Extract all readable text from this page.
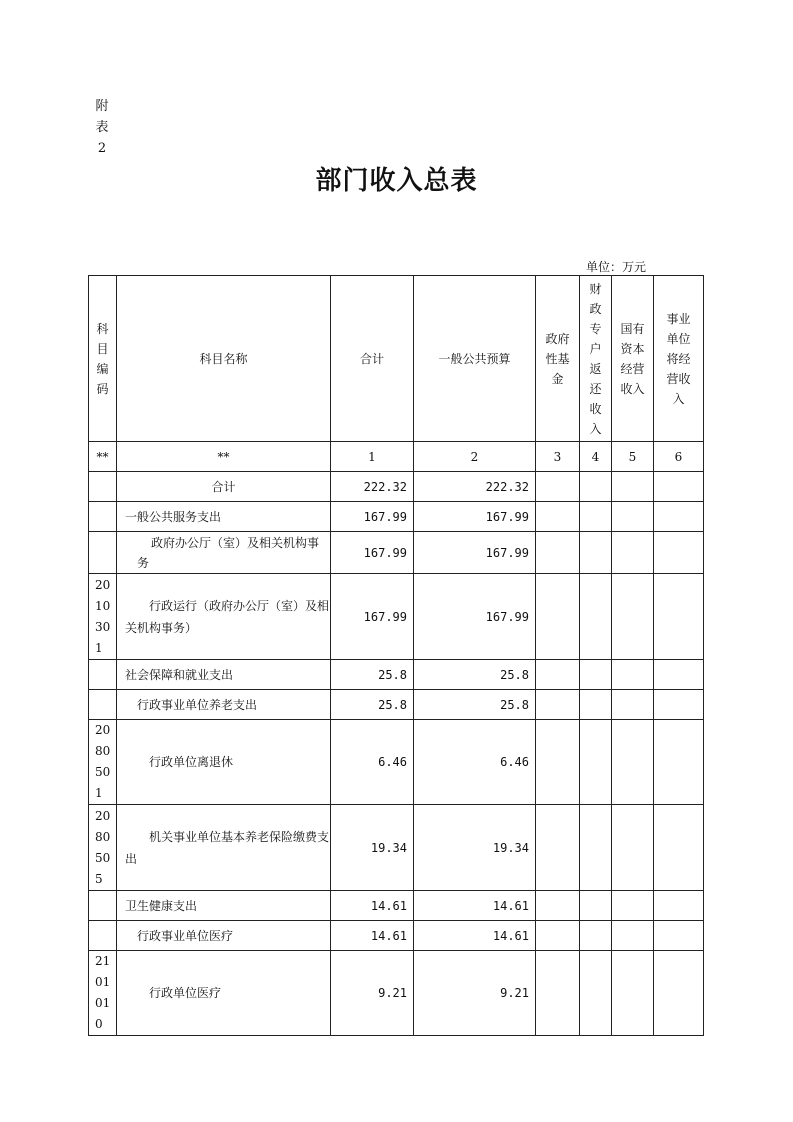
附表2
部门收入总表
单位：万元
科目编码	科目名称	合计	一般公共预算	政府性基金	财政专户返还收入	国有资本经营收入	事业单位将经营收入

**	**	1	2	3	4	5	6
	合计	222.32	222.32				
	一般公共服务支出	167.99	167.99				

	政府办公厅（室）及相关机构事务	167.99	167.99				

2010301	行政运行（政府办公厅（室）及相关机构事务）	167.99	167.99				
	社会保障和就业支出	25.8	25.8				
	行政事业单位养老支出	25.8	25.8				

2080501	行政单位离退休	6.46	6.46				

2080505	机关事业单位基本养老保险缴费支出	19.34	19.34				
	卫生健康支出	14.61	14.61				
	行政事业单位医疗	14.61	14.61				

2101010	行政单位医疗	9.21	9.21				
